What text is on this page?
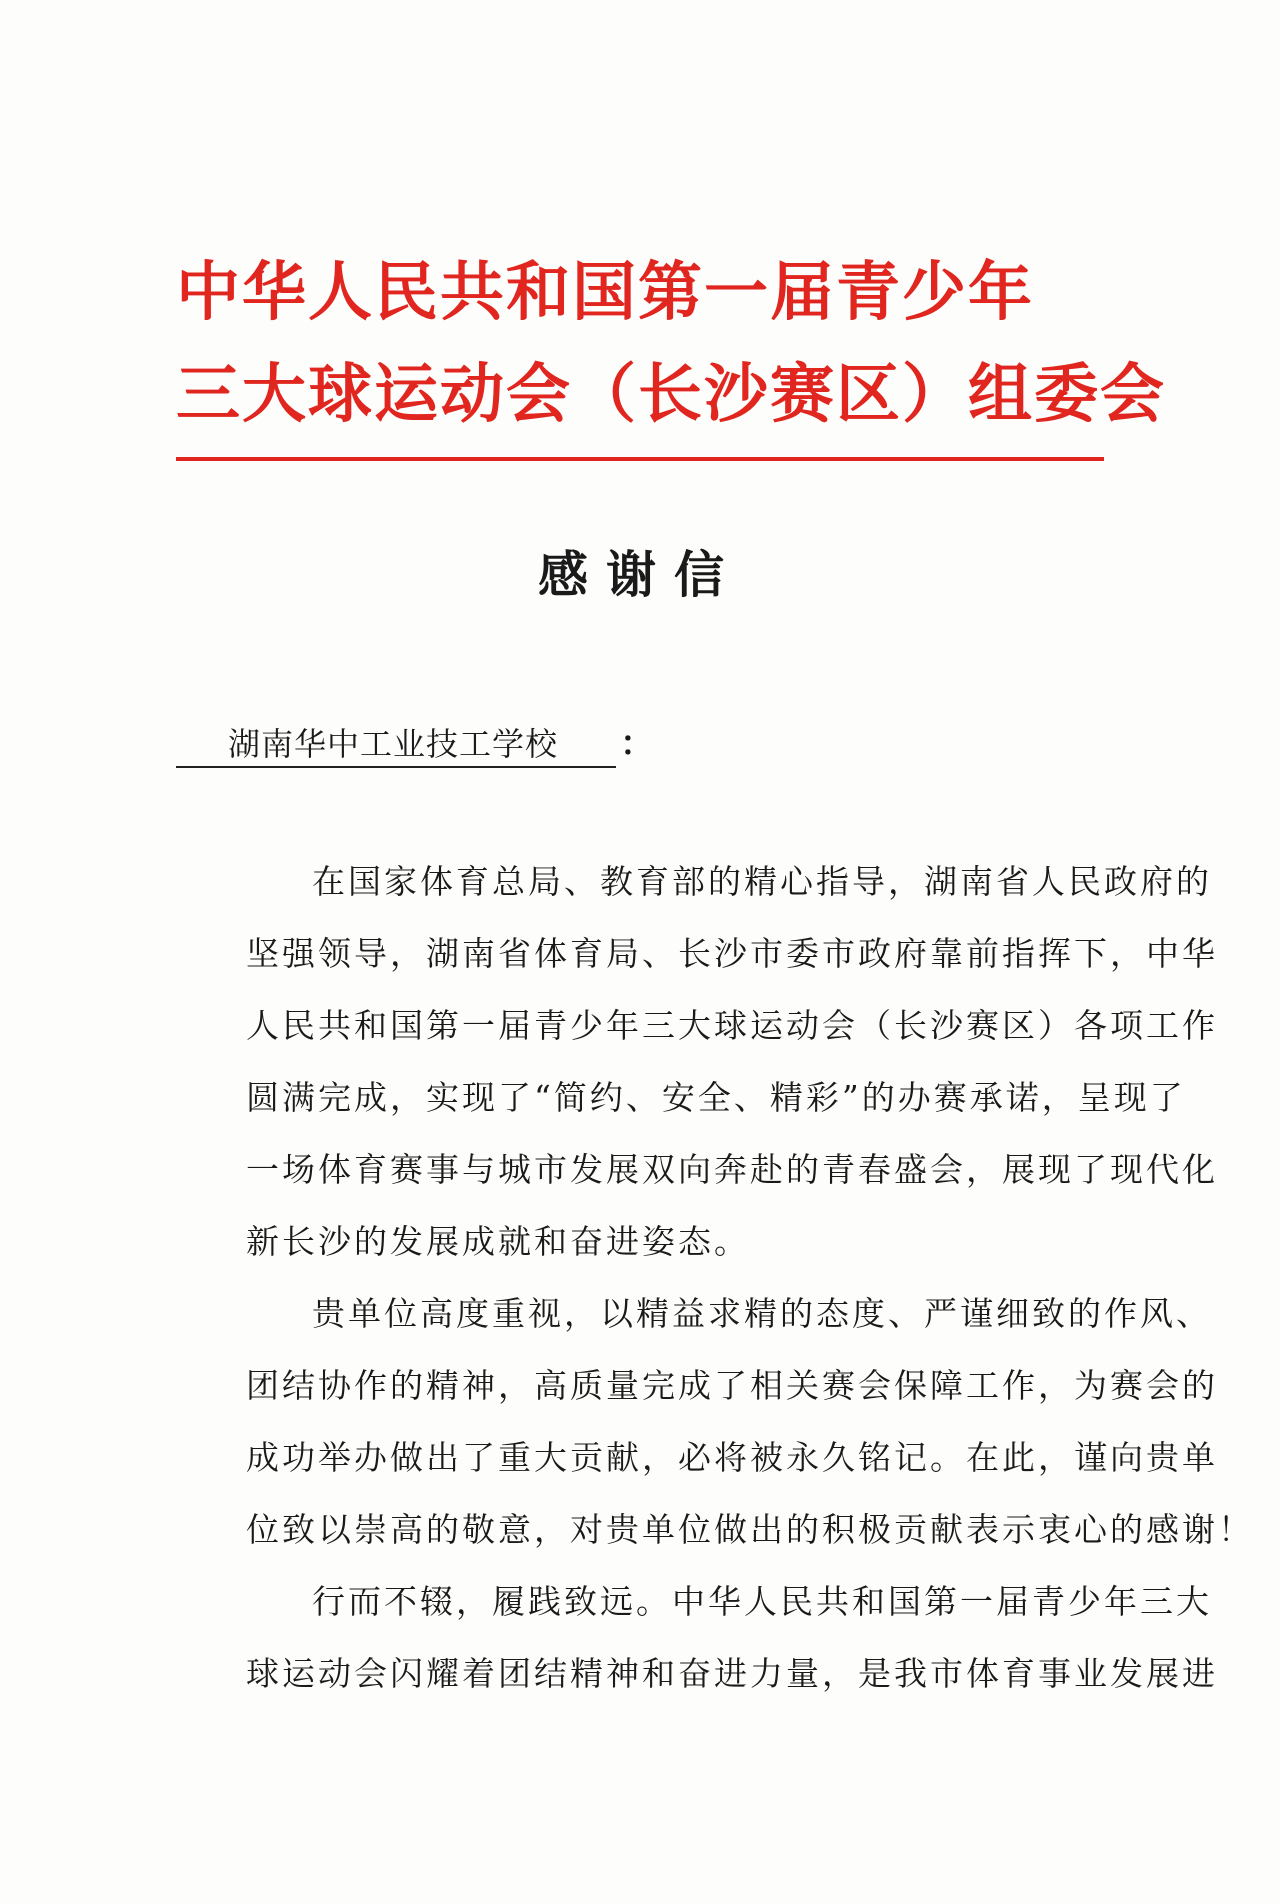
中华人民共和国第一届青少年
三大球运动会（长沙赛区）组委会
感谢信
湖南华中工业技工学校 ：
在国家体育总局、教育部的精心指导，湖南省人民政府的
坚强领导，湖南省体育局、长沙市委市政府靠前指挥下，中华
人民共和国第一届青少年三大球运动会（长沙赛区）各项工作
圆满完成，实现了“简约、安全、精彩”的办赛承诺，呈现了
一场体育赛事与城市发展双向奔赴的青春盛会，展现了现代化
新长沙的发展成就和奋进姿态。
贵单位高度重视，以精益求精的态度、严谨细致的作风、
团结协作的精神，高质量完成了相关赛会保障工作，为赛会的
成功举办做出了重大贡献，必将被永久铭记。在此，谨向贵单
位致以崇高的敬意，对贵单位做出的积极贡献表示衷心的感谢！
行而不辍，履践致远。中华人民共和国第一届青少年三大
球运动会闪耀着团结精神和奋进力量，是我市体育事业发展进
